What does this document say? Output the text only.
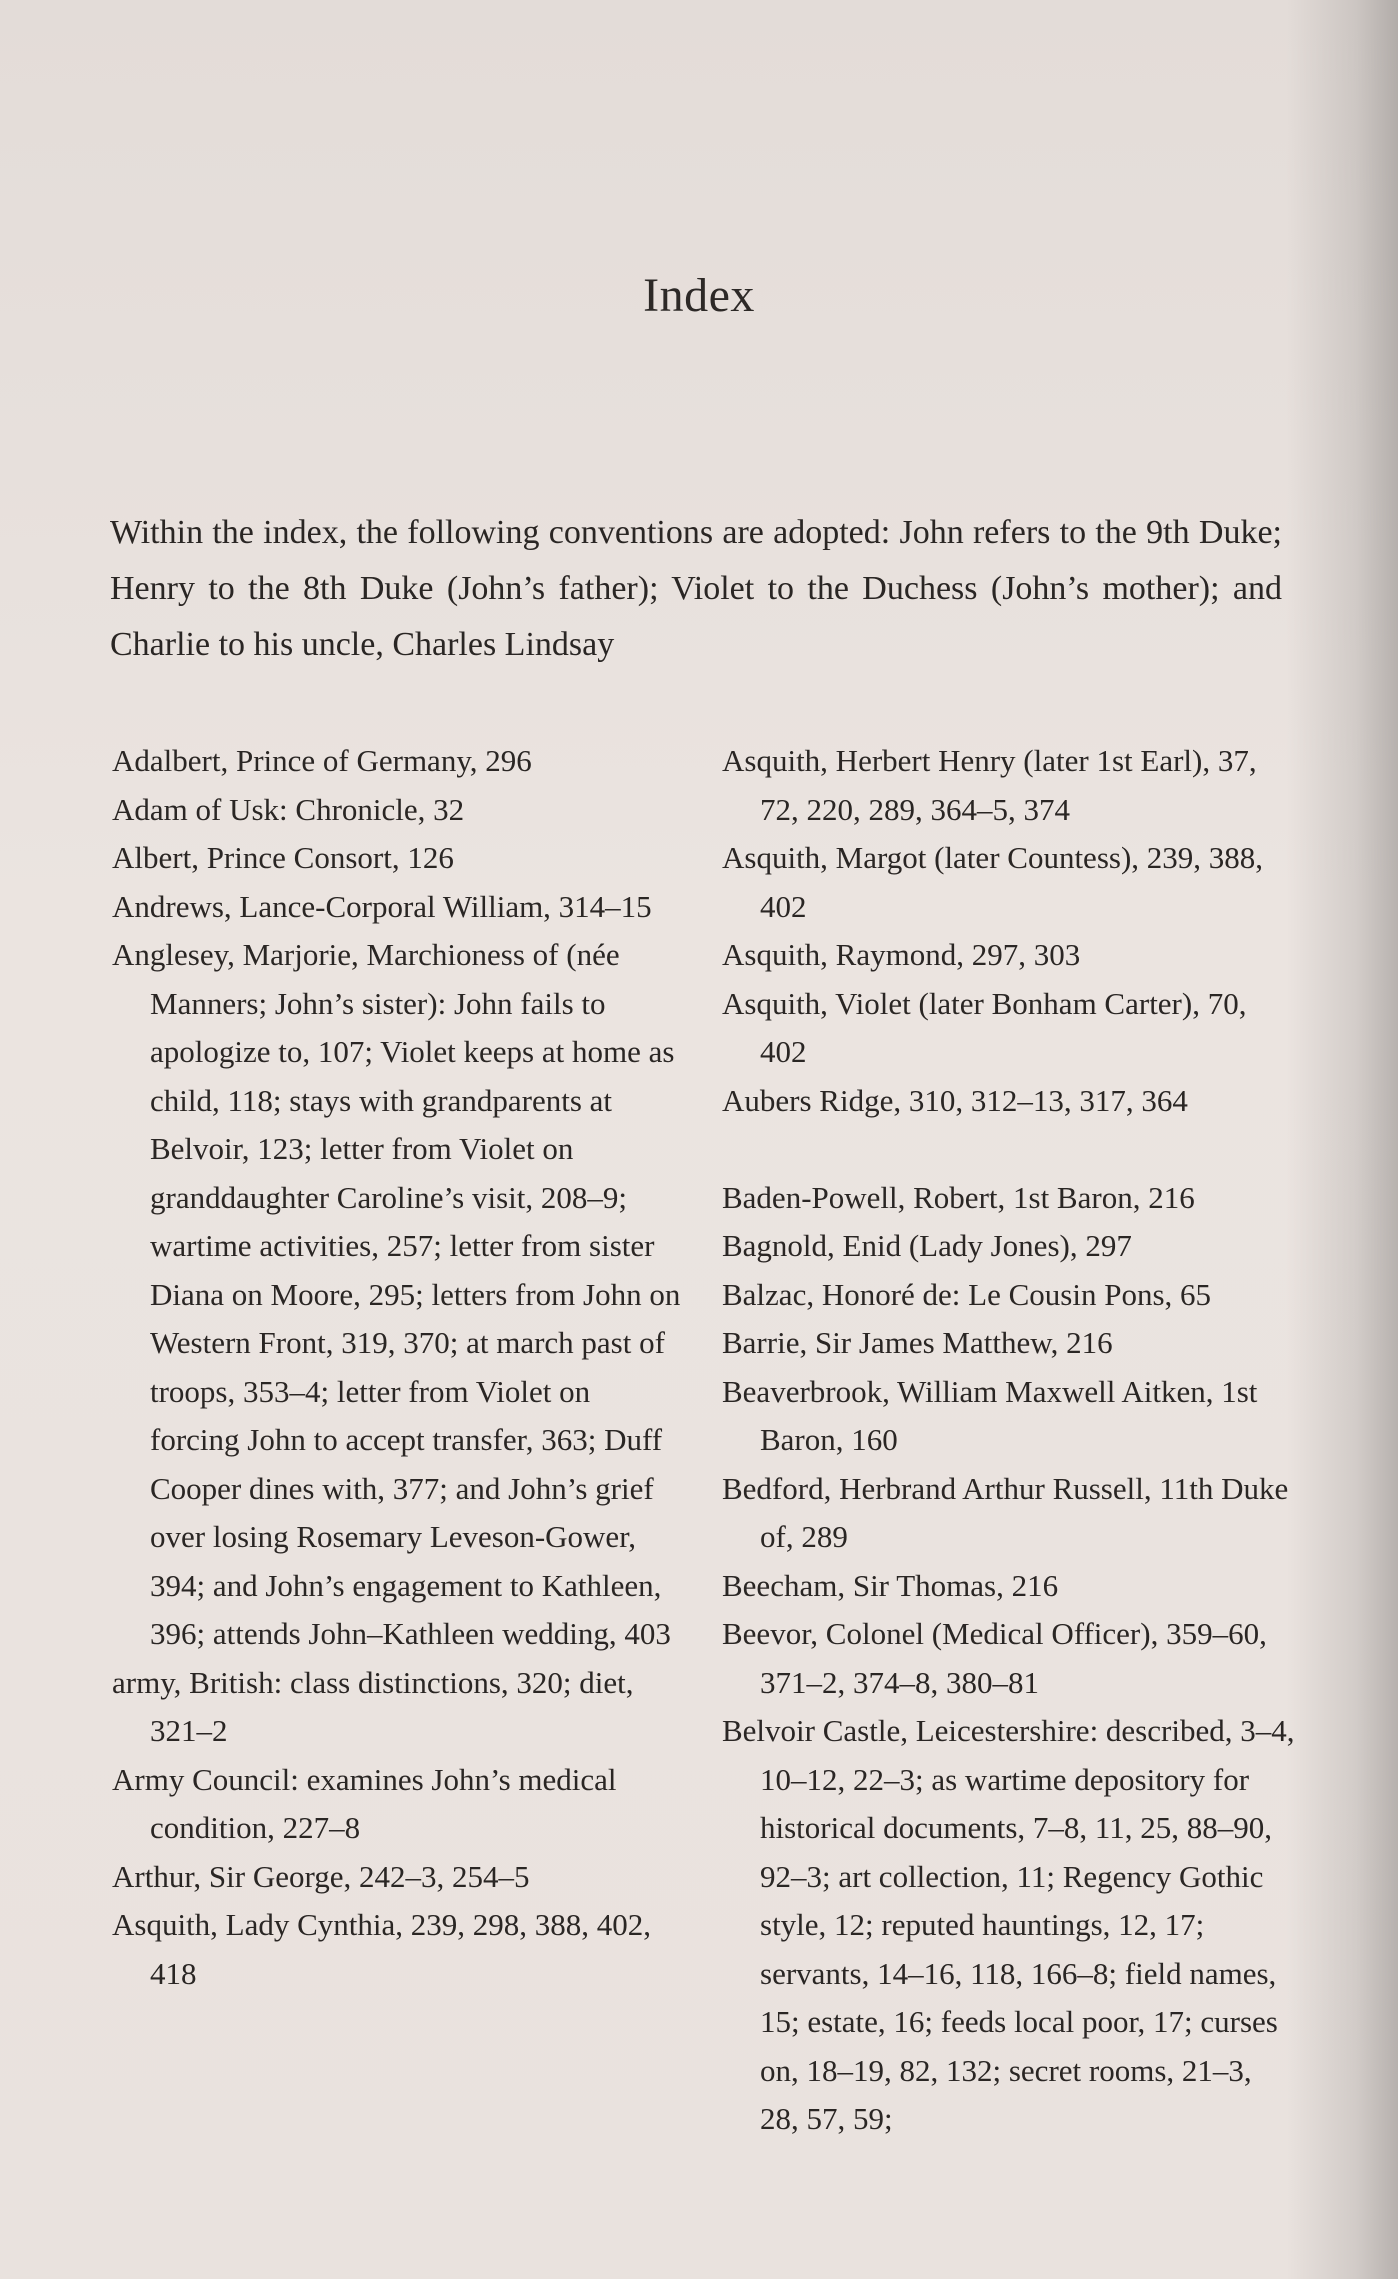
Index

Within the index, the following conventions are adopted: John refers to the 9th Duke; Henry to the 8th Duke (John’s father); Violet to the Duchess (John’s mother); and Charlie to his uncle, Charles Lindsay

Adalbert, Prince of Germany, 296

Adam of Usk: Chronicle, 32

Albert, Prince Consort, 126

Andrews, Lance-Corporal William, 314–15

Anglesey, Marjorie, Marchioness of (née Manners; John’s sister): John fails to apologize to, 107; Violet keeps at home as child, 118; stays with grandparents at Belvoir, 123; letter from Violet on granddaughter Caroline’s visit, 208–9; wartime activities, 257; letter from sister Diana on Moore, 295; letters from John on Western Front, 319, 370; at march past of troops, 353–4; letter from Violet on forcing John to accept transfer, 363; Duff Cooper dines with, 377; and John’s grief over losing Rosemary Leveson-Gower, 394; and John’s engagement to Kathleen, 396; attends John–Kathleen wedding, 403

army, British: class distinctions, 320; diet, 321–2

Army Council: examines John’s medical condition, 227–8

Arthur, Sir George, 242–3, 254–5

Asquith, Lady Cynthia, 239, 298, 388, 402, 418

Asquith, Herbert Henry (later 1st Earl), 37, 72, 220, 289, 364–5, 374

Asquith, Margot (later Countess), 239, 388, 402

Asquith, Raymond, 297, 303

Asquith, Violet (later Bonham Carter), 70, 402

Aubers Ridge, 310, 312–13, 317, 364

Baden-Powell, Robert, 1st Baron, 216

Bagnold, Enid (Lady Jones), 297

Balzac, Honoré de: Le Cousin Pons, 65

Barrie, Sir James Matthew, 216

Beaverbrook, William Maxwell Aitken, 1st Baron, 160

Bedford, Herbrand Arthur Russell, 11th Duke of, 289

Beecham, Sir Thomas, 216

Beevor, Colonel (Medical Officer), 359–60, 371–2, 374–8, 380–81

Belvoir Castle, Leicestershire: described, 3–4, 10–12, 22–3; as wartime depository for historical documents, 7–8, 11, 25, 88–90, 92–3; art collection, 11; Regency Gothic style, 12; reputed hauntings, 12, 17; servants, 14–16, 118, 166–8; field names, 15; estate, 16; feeds local poor, 17; curses on, 18–19, 82, 132; secret rooms, 21–3, 28, 57, 59;
